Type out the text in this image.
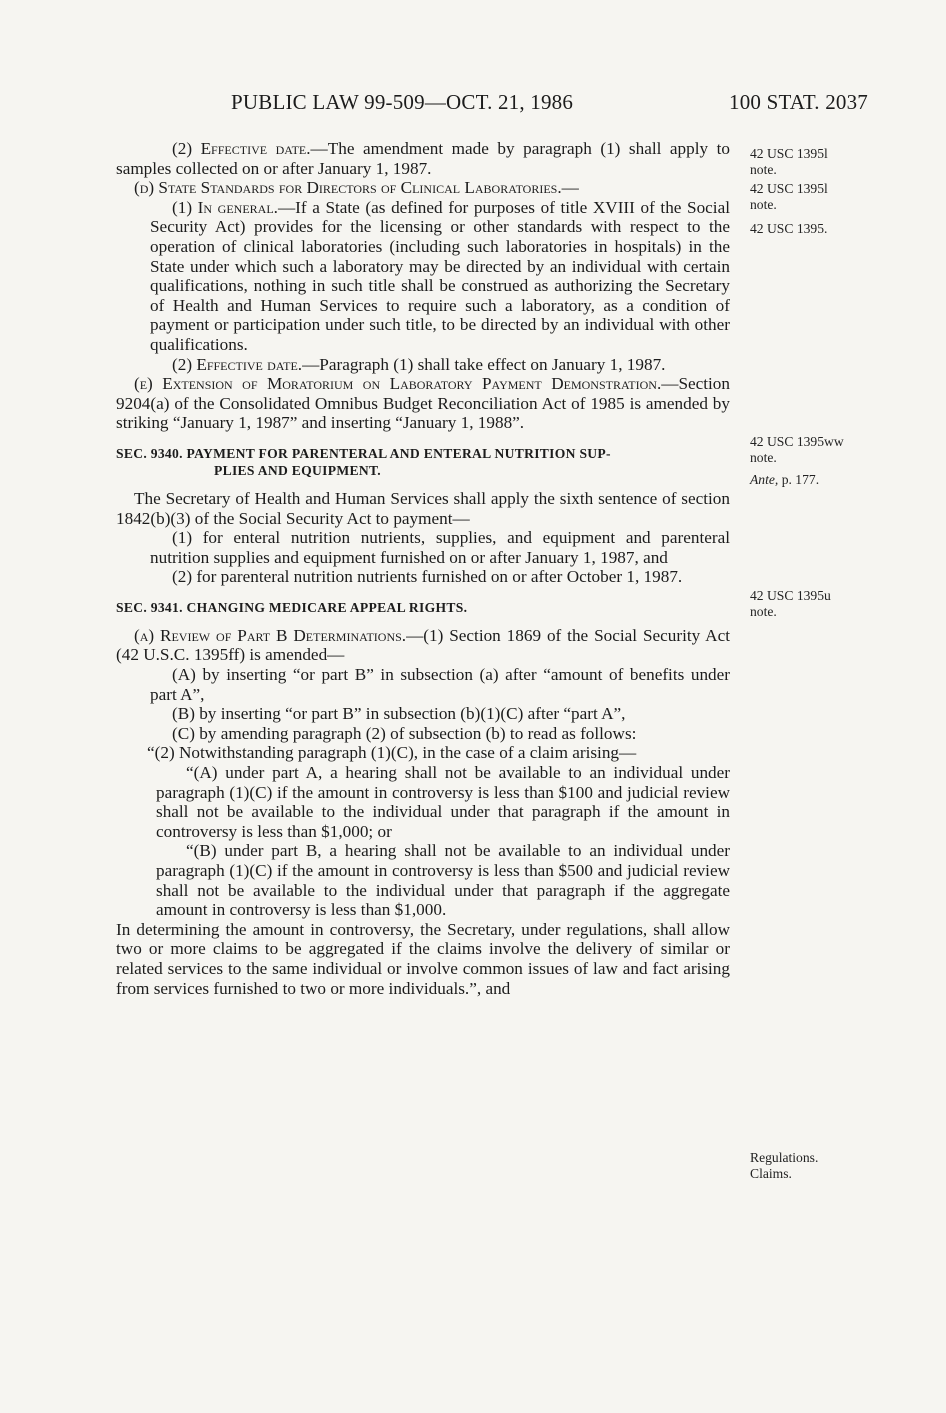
PUBLIC LAW 99-509—OCT. 21, 1986	100 STAT. 2037
42 USC 1395l
note.
42 USC 1395l
note.
42 USC 1395.
42 USC 1395ww
note.
Ante, p. 177.
42 USC 1395u
note.
Regulations.
Claims.

(2) Effective date.—The amendment made by paragraph (1) shall apply to samples collected on or after January 1, 1987.

(d) State Standards for Directors of Clinical Laboratories.—

(1) In general.—If a State (as defined for purposes of title XVIII of the Social Security Act) provides for the licensing or other standards with respect to the operation of clinical laboratories (including such laboratories in hospitals) in the State under which such a laboratory may be directed by an individual with certain qualifications, nothing in such title shall be construed as authorizing the Secretary of Health and Human Services to require such a laboratory, as a condition of payment or participation under such title, to be directed by an individual with other qualifications.

(2) Effective date.—Paragraph (1) shall take effect on January 1, 1987.

(e) Extension of Moratorium on Laboratory Payment Demonstration.—Section 9204(a) of the Consolidated Omnibus Budget Reconciliation Act of 1985 is amended by striking “January 1, 1987” and inserting “January 1, 1988”.

SEC. 9340. PAYMENT FOR PARENTERAL AND ENTERAL NUTRITION SUP-
PLIES AND EQUIPMENT.

The Secretary of Health and Human Services shall apply the sixth sentence of section 1842(b)(3) of the Social Security Act to payment—

(1) for enteral nutrition nutrients, supplies, and equipment and parenteral nutrition supplies and equipment furnished on or after January 1, 1987, and

(2) for parenteral nutrition nutrients furnished on or after October 1, 1987.

SEC. 9341. CHANGING MEDICARE APPEAL RIGHTS.

(a) Review of Part B Determinations.—(1) Section 1869 of the Social Security Act (42 U.S.C. 1395ff) is amended—

(A) by inserting “or part B” in subsection (a) after “amount of benefits under part A”,

(B) by inserting “or part B” in subsection (b)(1)(C) after “part A”,

(C) by amending paragraph (2) of subsection (b) to read as follows:

“(2) Notwithstanding paragraph (1)(C), in the case of a claim arising—

“(A) under part A, a hearing shall not be available to an individual under paragraph (1)(C) if the amount in controversy is less than $100 and judicial review shall not be available to the individual under that paragraph if the amount in controversy is less than $1,000; or

“(B) under part B, a hearing shall not be available to an individual under paragraph (1)(C) if the amount in controversy is less than $500 and judicial review shall not be available to the individual under that paragraph if the aggregate amount in controversy is less than $1,000.

In determining the amount in controversy, the Secretary, under regulations, shall allow two or more claims to be aggregated if the claims involve the delivery of similar or related services to the same individual or involve common issues of law and fact arising from services furnished to two or more individuals.”, and
